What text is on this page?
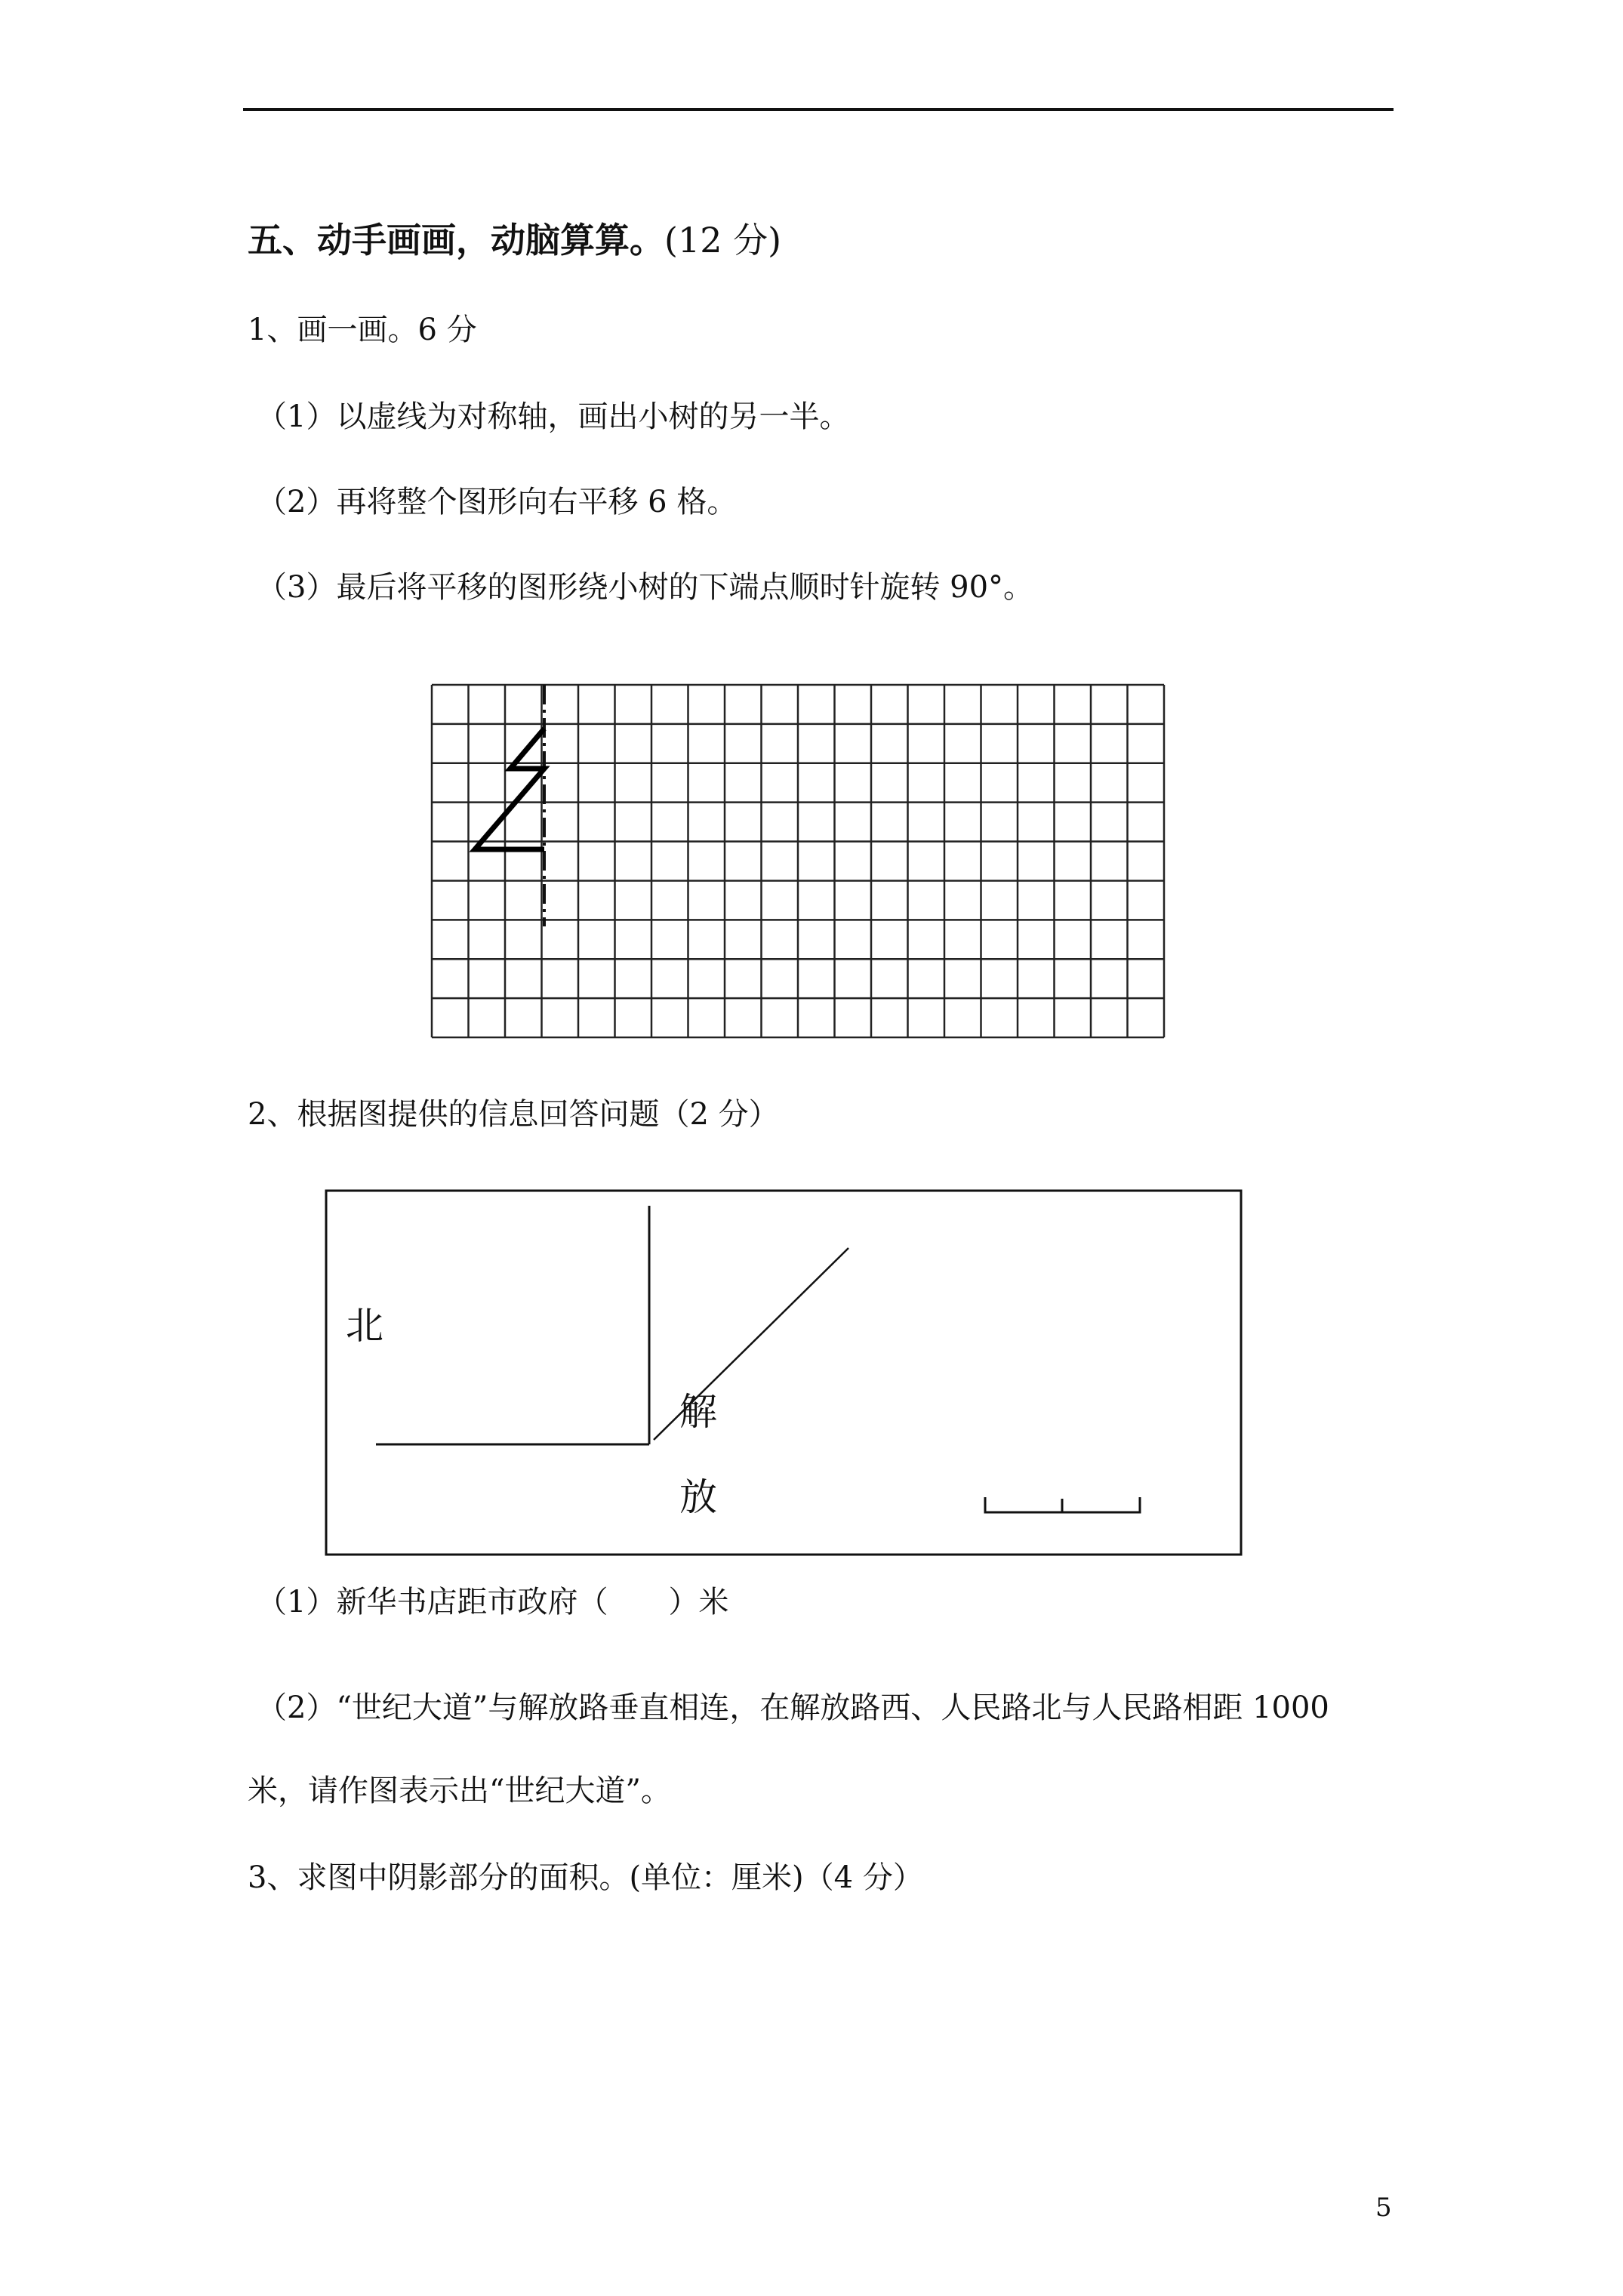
五、动手画画，动脑算算。(12 分)
1、画一画。6 分
（1）以虚线为对称轴，画出小树的另一半。
（2）再将整个图形向右平移 6 格。
（3）最后将平移的图形绕小树的下端点顺时针旋转 90°。
2、根据图提供的信息回答问题（2 分）
北
解
放
（1）新华书店距市政府（　　）米
（2）“世纪大道”与解放路垂直相连，在解放路西、人民路北与人民路相距 1000
米，请作图表示出“世纪大道”。
3、求图中阴影部分的面积。(单位：厘米)（4 分）
5
